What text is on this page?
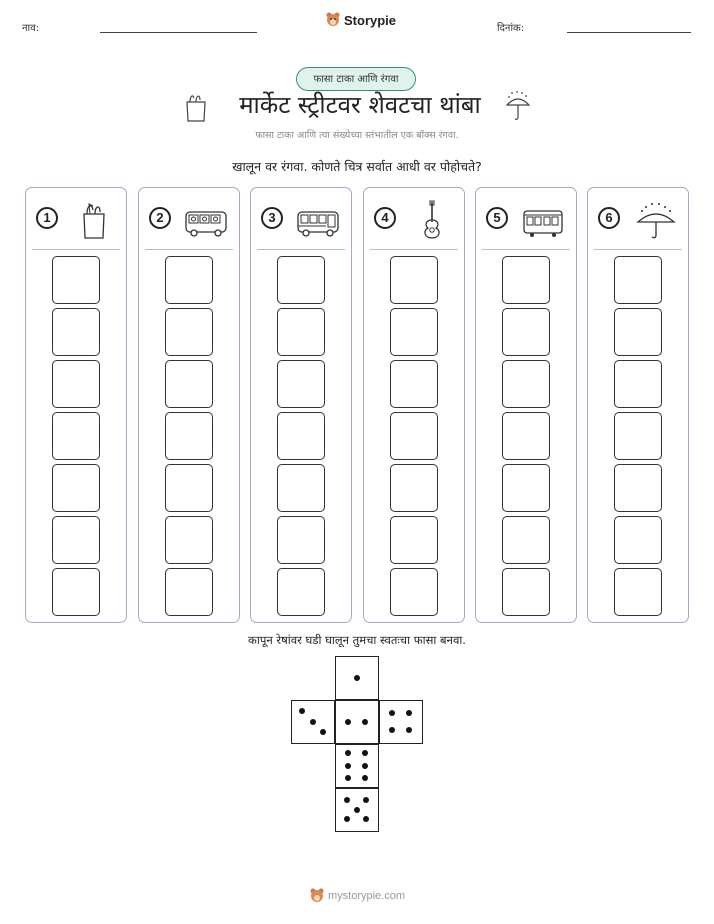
नाव:
Storypie
दिनांक:
फासा टाका आणि रंगवा
मार्केट स्ट्रीटवर शेवटचा थांबा
फासा टाका आणि त्या संख्येच्या स्तंभातील एक बॉक्स रंगवा.
खालून वर रंगवा. कोणते चित्र सर्वात आधी वर पोहोचते?
1	2	3	4	5	6
कापून रेषांवर घडी घालून तुमचा स्वतःचा फासा बनवा.
mystorypie.com
